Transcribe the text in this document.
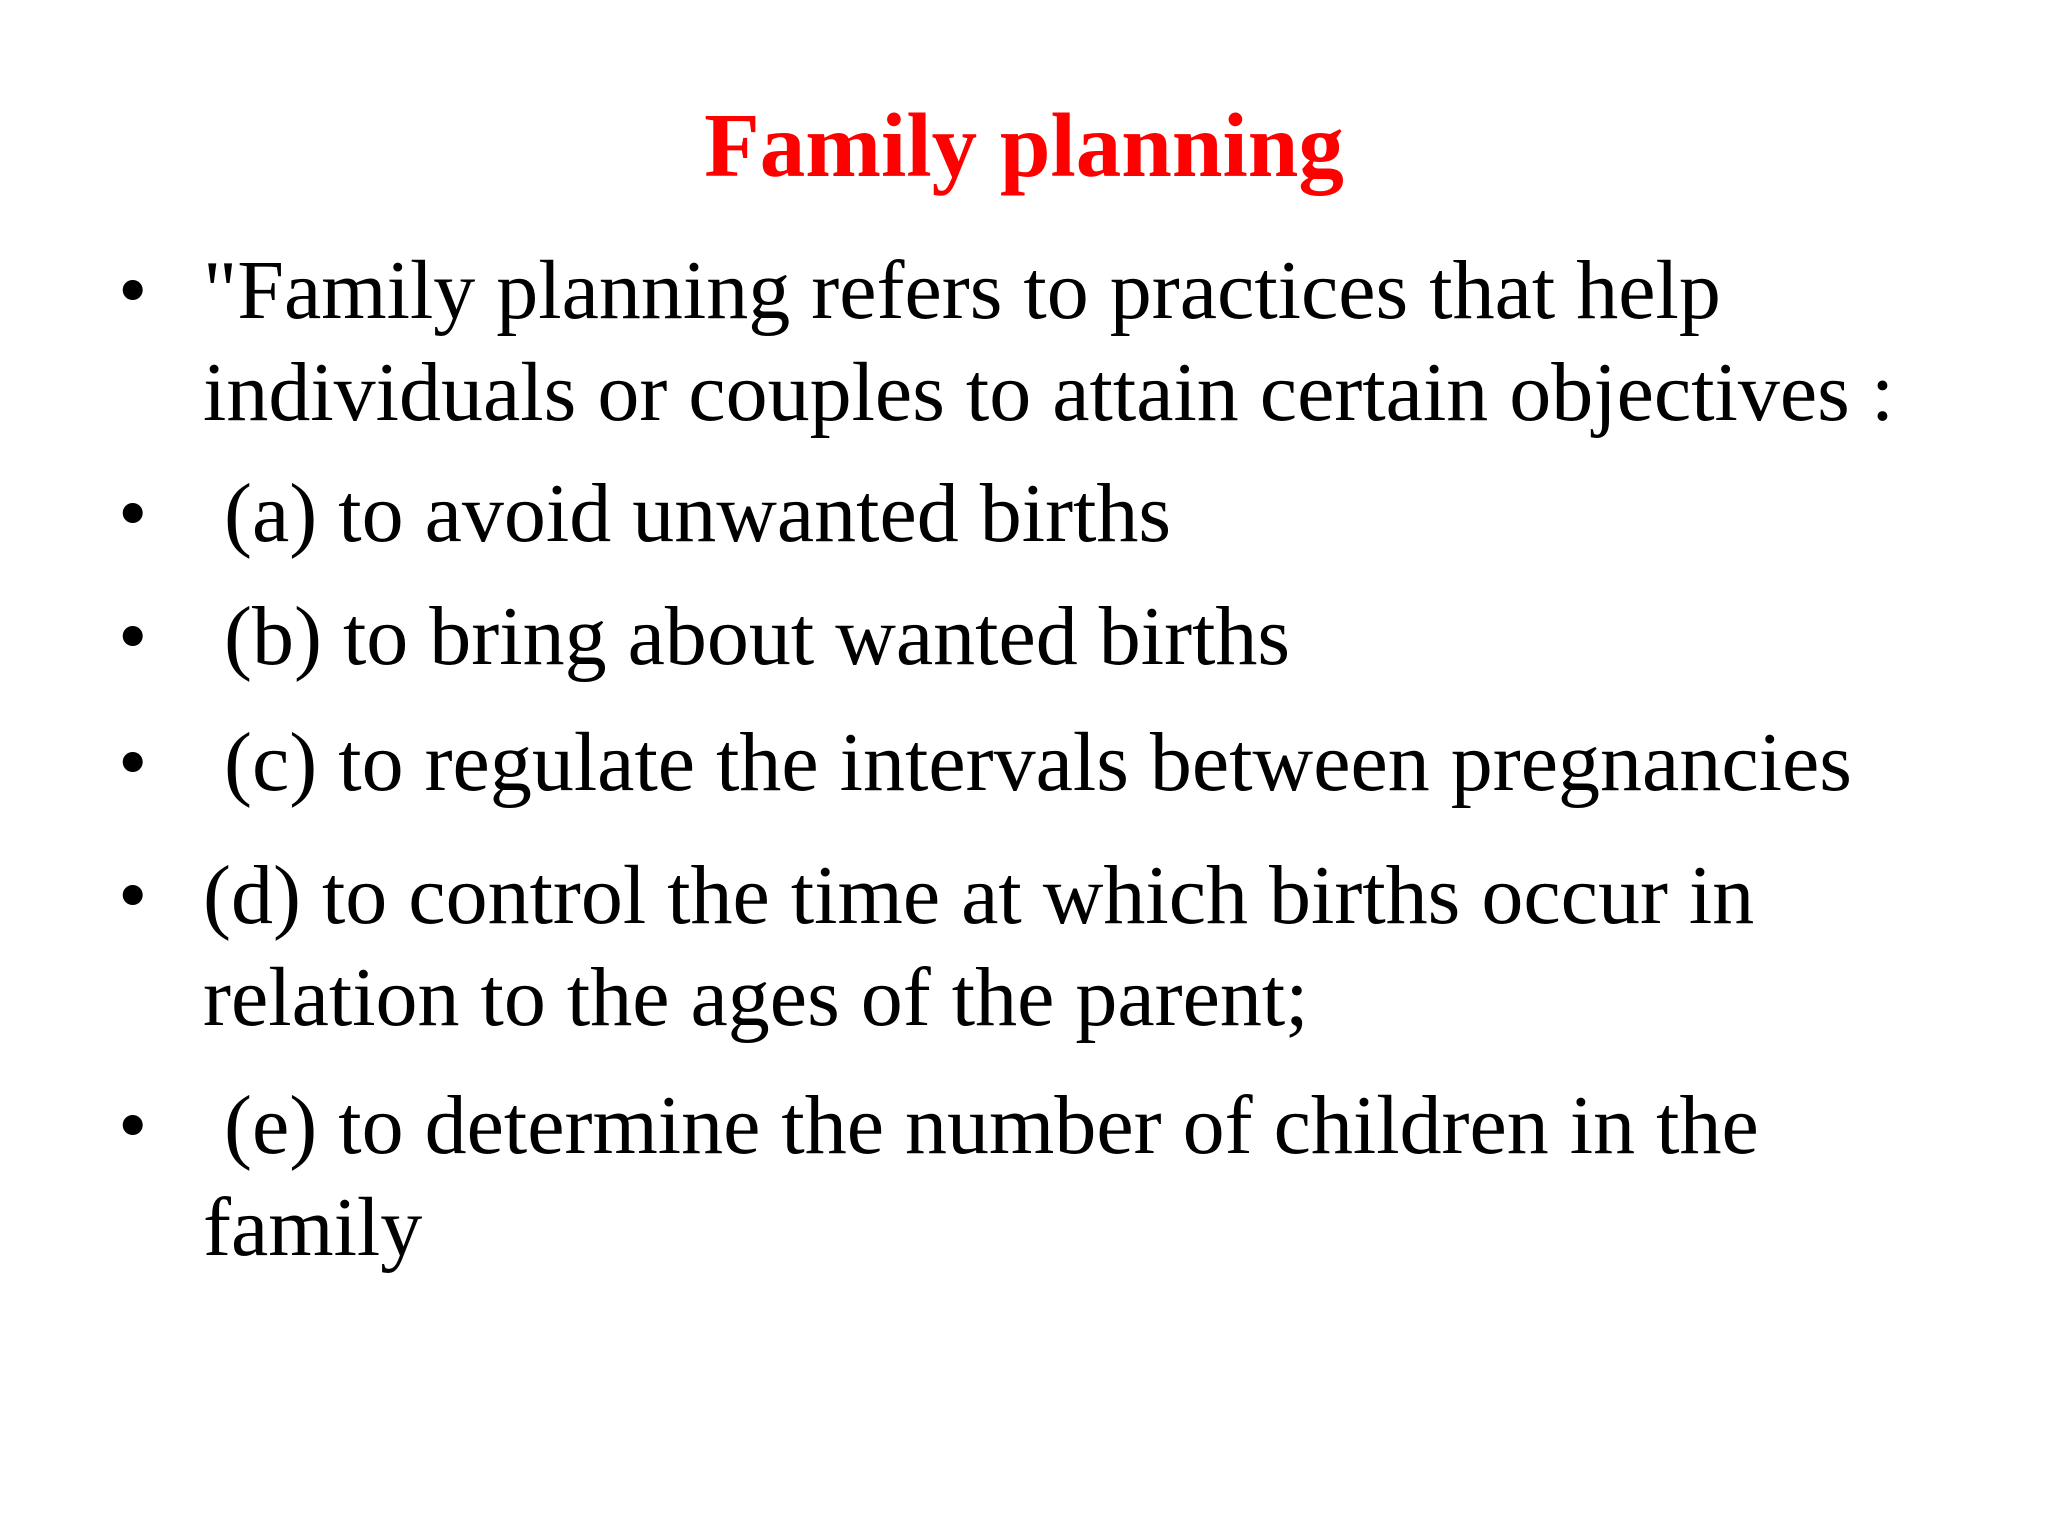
Family planning
• "Family planning refers to practices that help
individuals or couples to attain certain objectives :
• (a) to avoid unwanted births
• (b) to bring about wanted births
• (c) to regulate the intervals between pregnancies
• (d) to control the time at which births occur in
relation to the ages of the parent;
• (e) to determine the number of children in the
family
